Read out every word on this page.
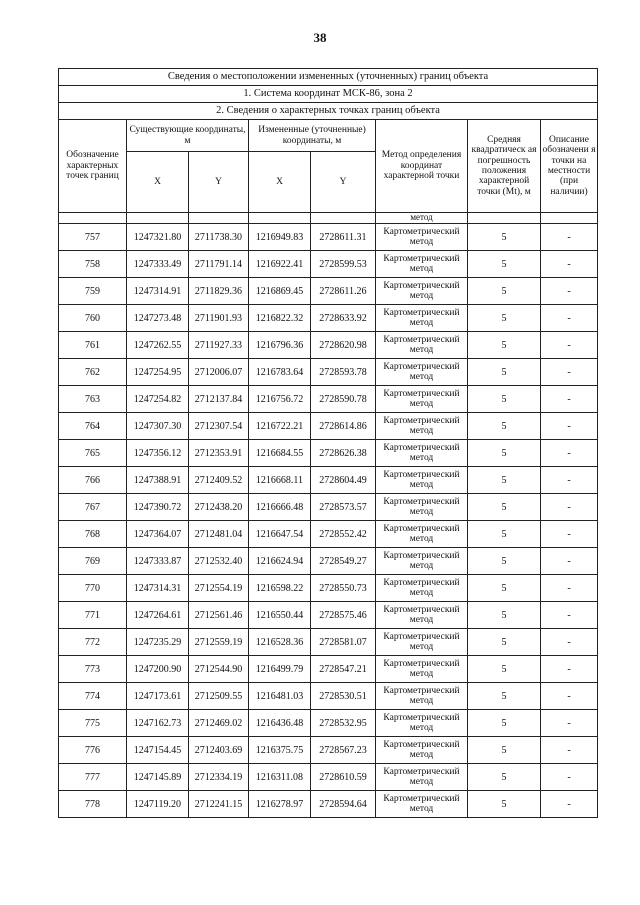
38
Сведения о местоположении измененных (уточненных) границ объекта							
1. Система координат МСК-86, зона 2							
2. Сведения о характерных точках границ объекта							
Обозначение характерных точек границ	Существующие координаты, м		Измененные (уточненные) координаты, м		Метод определения координат характерной точки	Средняя квадратическ ая погрешность положения характерной точки (Mt), м	Описание обозначени я точки на местности (при наличии)
	X	Y	X	Y			
					метод		
757	1247321.80	2711738.30	1216949.83	2728611.31	Картометрический метод	5	-
758	1247333.49	2711791.14	1216922.41	2728599.53	Картометрический метод	5	-
759	1247314.91	2711829.36	1216869.45	2728611.26	Картометрический метод	5	-
760	1247273.48	2711901.93	1216822.32	2728633.92	Картометрический метод	5	-
761	1247262.55	2711927.33	1216796.36	2728620.98	Картометрический метод	5	-
762	1247254.95	2712006.07	1216783.64	2728593.78	Картометрический метод	5	-
763	1247254.82	2712137.84	1216756.72	2728590.78	Картометрический метод	5	-
764	1247307.30	2712307.54	1216722.21	2728614.86	Картометрический метод	5	-
765	1247356.12	2712353.91	1216684.55	2728626.38	Картометрический метод	5	-
766	1247388.91	2712409.52	1216668.11	2728604.49	Картометрический метод	5	-
767	1247390.72	2712438.20	1216666.48	2728573.57	Картометрический метод	5	-
768	1247364.07	2712481.04	1216647.54	2728552.42	Картометрический метод	5	-
769	1247333.87	2712532.40	1216624.94	2728549.27	Картометрический метод	5	-
770	1247314.31	2712554.19	1216598.22	2728550.73	Картометрический метод	5	-
771	1247264.61	2712561.46	1216550.44	2728575.46	Картометрический метод	5	-
772	1247235.29	2712559.19	1216528.36	2728581.07	Картометрический метод	5	-
773	1247200.90	2712544.90	1216499.79	2728547.21	Картометрический метод	5	-
774	1247173.61	2712509.55	1216481.03	2728530.51	Картометрический метод	5	-
775	1247162.73	2712469.02	1216436.48	2728532.95	Картометрический метод	5	-
776	1247154.45	2712403.69	1216375.75	2728567.23	Картометрический метод	5	-
777	1247145.89	2712334.19	1216311.08	2728610.59	Картометрический метод	5	-
778	1247119.20	2712241.15	1216278.97	2728594.64	Картометрический метод	5	-
